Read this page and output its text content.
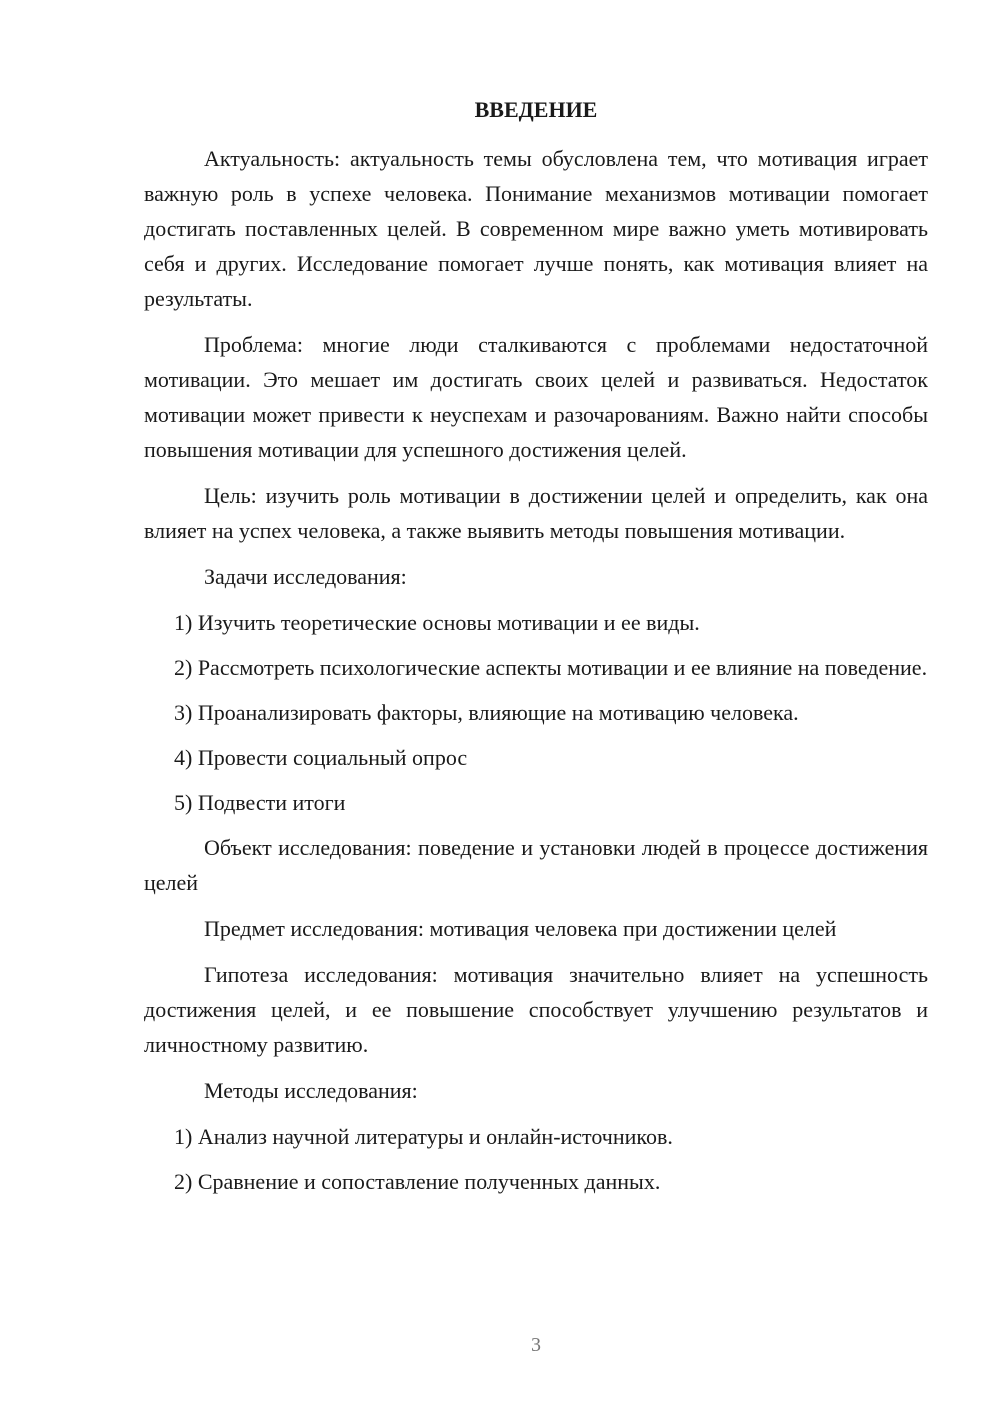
ВВЕДЕНИЕ

Актуальность: актуальность темы обусловлена тем, что мотивация играет важную роль в успехе человека. Понимание механизмов мотивации помогает достигать поставленных целей. В современном мире важно уметь мотивировать себя и других. Исследование помогает лучше понять, как мотивация влияет на результаты.

Проблема: многие люди сталкиваются с проблемами недостаточной мотивации. Это мешает им достигать своих целей и развиваться. Недостаток мотивации может привести к неуспехам и разочарованиям. Важно найти способы повышения мотивации для успешного достижения целей.

Цель: изучить роль мотивации в достижении целей и определить, как она влияет на успех человека, а также выявить методы повышения мотивации.

Задачи исследования:

1) Изучить теоретические основы мотивации и ее виды.

2) Рассмотреть психологические аспекты мотивации и ее влияние на поведение.

3) Проанализировать факторы, влияющие на мотивацию человека.

4) Провести социальный опрос

5) Подвести итоги

Объект исследования: поведение и установки людей в процессе достижения целей

Предмет исследования: мотивация человека при достижении целей

Гипотеза исследования: мотивация значительно влияет на успешность достижения целей, и ее повышение способствует улучшению результатов и личностному развитию.

Методы исследования:

1) Анализ научной литературы и онлайн-источников.

2) Сравнение и сопоставление полученных данных.

3
